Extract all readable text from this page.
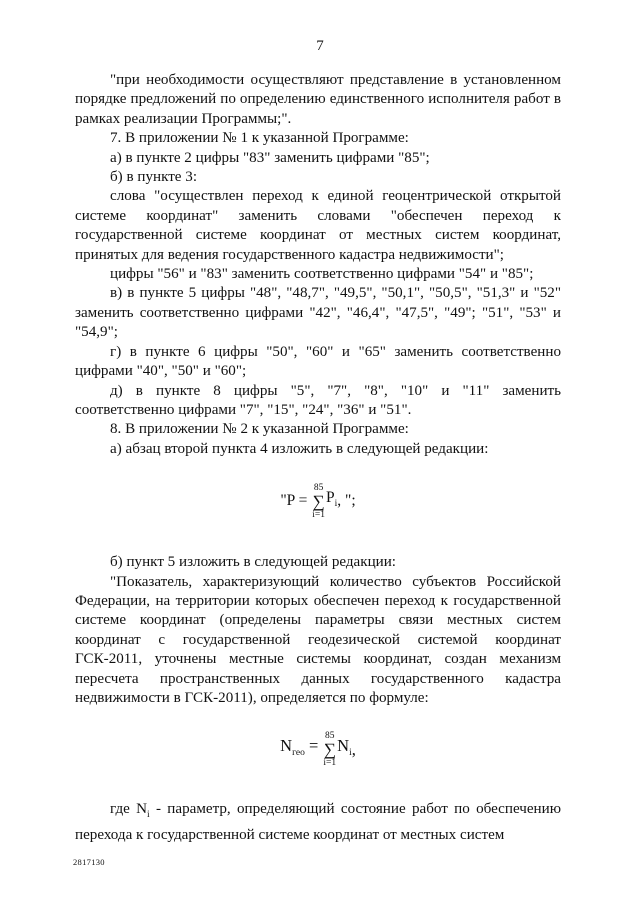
7

"при необходимости осуществляют представление в установленном порядке предложений по определению единственного исполнителя работ в рамках реализации Программы;".

7. В приложении № 1 к указанной Программе:

а) в пункте 2 цифры "83" заменить цифрами "85";

б) в пункте 3:

слова "осуществлен переход к единой геоцентрической открытой системе координат" заменить словами "обеспечен переход к государственной системе координат от местных систем координат, принятых для ведения государственного кадастра недвижимости";

цифры "56" и "83" заменить соответственно цифрами "54" и "85";

в) в пункте 5 цифры "48", "48,7", "49,5", "50,1", "50,5", "51,3" и "52" заменить соответственно цифрами "42", "46,4", "47,5", "49"; "51", "53" и "54,9";

г) в пункте 6 цифры "50", "60" и "65" заменить соответственно цифрами "40", "50" и "60";

д) в пункте 8 цифры "5", "7", "8", "10" и "11" заменить соответственно цифрами "7", "15", "24", "36" и "51".

8. В приложении № 2 к указанной Программе:

а) абзац второй пункта 4 изложить в следующей редакции:

"P =
85
∑
i=1
$P_i$ , ";

б) пункт 5 изложить в следующей редакции:

"Показатель, характеризующий количество субъектов Российской Федерации, на территории которых обеспечен переход к государственной системе координат (определены параметры связи местных систем координат с государственной геодезической системой координат ГСК-2011, уточнены местные системы координат, создан механизм пересчета пространственных данных государственного кадастра недвижимости в ГСК-2011), определяется по формуле:

$N_{гео} = 85$
∑
i=1
$N_i$ ,

где $N_i$ - параметр, определяющий состояние работ по обеспечению перехода к государственной системе координат от местных систем

2817130
